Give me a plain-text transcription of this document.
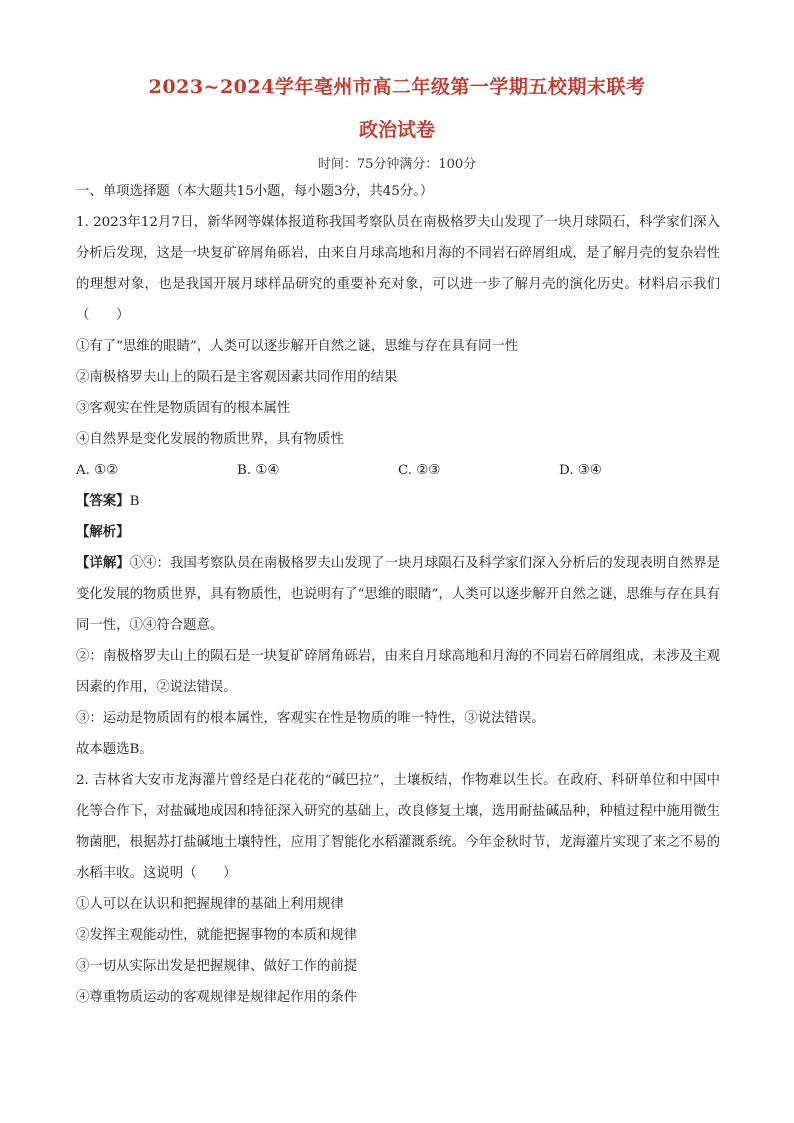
2023~2024学年亳州市高二年级第一学期五校期末联考
政治试卷
时间：75分钟满分：100分
一、单项选择题（本大题共15小题，每小题3分，共45分。）
1. 2023年12月7日，新华网等媒体报道称我国考察队员在南极格罗夫山发现了一块月球陨石，科学家们深入分析后发现，这是一块复矿碎屑角砾岩，由来自月球高地和月海的不同岩石碎屑组成，是了解月壳的复杂岩性的理想对象，也是我国开展月球样品研究的重要补充对象，可以进一步了解月壳的演化历史。材料启示我们（　　）
①有了“思维的眼睛”，人类可以逐步解开自然之谜，思维与存在具有同一性
②南极格罗夫山上的陨石是主客观因素共同作用的结果
③客观实在性是物质固有的根本属性
④自然界是变化发展的物质世界，具有物质性
A. ①②	B. ①④	C. ②③	D. ③④
【答案】B
【解析】
【详解】①④：我国考察队员在南极格罗夫山发现了一块月球陨石及科学家们深入分析后的发现表明自然界是变化发展的物质世界，具有物质性，也说明有了“思维的眼睛”，人类可以逐步解开自然之谜，思维与存在具有同一性，①④符合题意。
②：南极格罗夫山上的陨石是一块复矿碎屑角砾岩，由来自月球高地和月海的不同岩石碎屑组成，未涉及主观因素的作用，②说法错误。
③：运动是物质固有的根本属性，客观实在性是物质的唯一特性，③说法错误。
故本题选B。
2. 吉林省大安市龙海灌片曾经是白花花的“碱巴拉”，土壤板结，作物难以生长。在政府、科研单位和中国中化等合作下，对盐碱地成因和特征深入研究的基础上，改良修复土壤，选用耐盐碱品种，种植过程中施用微生物菌肥，根据苏打盐碱地土壤特性，应用了智能化水稻灌溉系统。今年金秋时节，龙海灌片实现了来之不易的水稻丰收。这说明（　　）
①人可以在认识和把握规律的基础上利用规律
②发挥主观能动性，就能把握事物的本质和规律
③一切从实际出发是把握规律、做好工作的前提
④尊重物质运动的客观规律是规律起作用的条件
